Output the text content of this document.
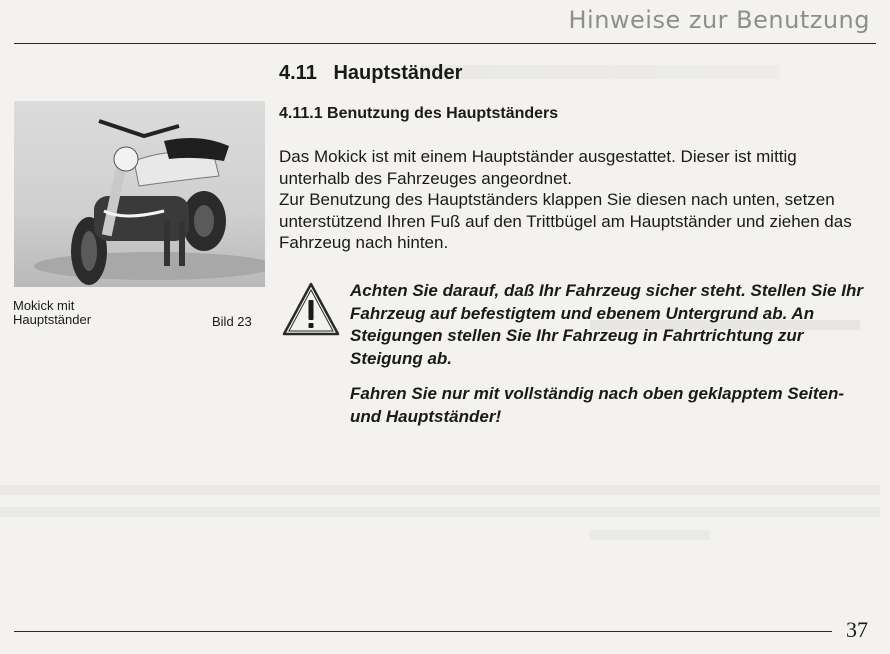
Hinweise zur Benutzung
4.11   Hauptständer
4.11.1 Benutzung des Hauptständers

Das Mokick ist mit einem Hauptständer ausgestattet. Dieser ist mittig unterhalb des Fahrzeuges angeordnet.

Zur Benutzung des Hauptständers klappen Sie diesen nach unten, setzen unterstützend Ihren Fuß auf den Trittbügel am Hauptständer und ziehen das Fahrzeug nach hinten.

Mokick mit
Hauptständer	Bild 23

Achten Sie darauf, daß Ihr Fahrzeug sicher steht. Stellen Sie Ihr Fahrzeug auf befestigtem und ebenem Untergrund ab. An Steigungen stellen Sie Ihr Fahrzeug in Fahrtrichtung zur Steigung ab.

Fahren Sie nur mit vollständig nach oben geklapptem Seiten- und Hauptständer!

37
